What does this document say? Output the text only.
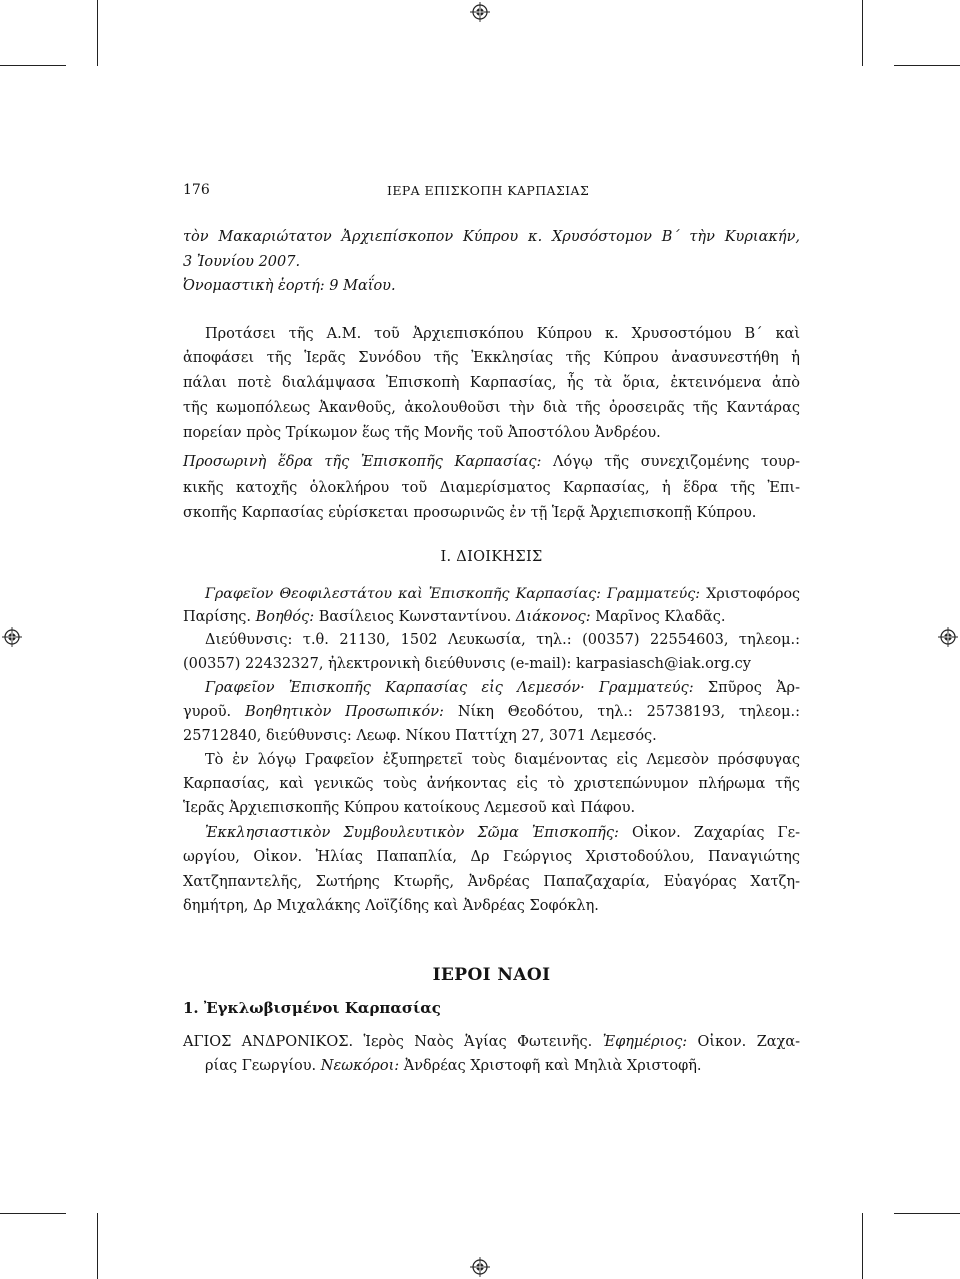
176	ΙΕΡΑ ΕΠΙΣΚΟΠΗ ΚΑΡΠΑΣΙΑΣ
τὸν Μακαριώτατον Ἀρχιεπίσκοπον Κύπρου κ. Χρυσόστομον Β΄ τὴν Κυριακήν,
3 Ἰουνίου 2007.
Ὀνομαστικὴ ἑορτή: 9 Μαΐου.
Προτάσει τῆς Α.Μ. τοῦ Ἀρχιεπισκόπου Κύπρου κ. Χρυσοστόμου Β΄ καὶ
ἀποφάσει τῆς Ἱερᾶς Συνόδου τῆς Ἐκκλησίας τῆς Κύπρου ἀνασυνεστήθη ἡ
πάλαι ποτὲ διαλάμψασα Ἐπισκοπὴ Καρπασίας, ἧς τὰ ὅρια, ἐκτεινόμενα ἀπὸ
τῆς κωμοπόλεως Ἀκανθοῦς, ἀκολουθοῦσι τὴν διὰ τῆς ὀροσειρᾶς τῆς Καντάρας
πορείαν πρὸς Τρίκωμον ἕως τῆς Μονῆς τοῦ Ἀποστόλου Ἀνδρέου.
Προσωρινὴ ἕδρα τῆς Ἐπισκοπῆς Καρπασίας: Λόγῳ τῆς συνεχιζομένης τουρ-
κικῆς κατοχῆς ὁλοκλήρου τοῦ Διαμερίσματος Καρπασίας, ἡ ἕδρα τῆς Ἐπι-
σκοπῆς Καρπασίας εὑρίσκεται προσωρινῶς ἐν τῇ Ἱερᾷ Ἀρχιεπισκοπῇ Κύπρου.
Ι. ΔΙΟΙΚΗΣΙΣ
Γραφεῖον Θεοφιλεστάτου καὶ Ἐπισκοπῆς Καρπασίας: Γραμματεύς: Χριστοφόρος
Παρίσης. Βοηθός: Βασίλειος Κωνσταντίνου. Διάκονος: Μαρῖνος Κλαδᾶς.
Διεύθυνσις: τ.θ. 21130, 1502 Λευκωσία, τηλ.: (00357) 22554603, τηλεομ.:
(00357) 22432327, ἠλεκτρονικὴ διεύθυνσις (e-mail): karpasiasch@iak.org.cy
Γραφεῖον Ἐπισκοπῆς Καρπασίας εἰς Λεμεσόν· Γραμματεύς: Σπῦρος Ἀρ-
γυροῦ. Βοηθητικὸν Προσωπικόν: Νίκη Θεοδότου, τηλ.: 25738193, τηλεομ.:
25712840, διεύθυνσις: Λεωφ. Νίκου Παττίχη 27, 3071 Λεμεσός.
Τὸ ἐν λόγῳ Γραφεῖον ἐξυπηρετεῖ τοὺς διαμένοντας εἰς Λεμεσὸν πρόσφυγας
Καρπασίας, καὶ γενικῶς τοὺς ἀνήκοντας εἰς τὸ χριστεπώνυμον πλήρωμα τῆς
Ἱερᾶς Ἀρχιεπισκοπῆς Κύπρου κατοίκους Λεμεσοῦ καὶ Πάφου.
Ἐκκλησιαστικὸν Συμβουλευτικὸν Σῶμα Ἐπισκοπῆς: Οἰκον. Ζαχαρίας Γε-
ωργίου, Οἰκον. Ἠλίας Παπαπλία, Δρ Γεώργιος Χριστοδούλου, Παναγιώτης
Χατζηπαντελῆς, Σωτήρης Κτωρῆς, Ἀνδρέας Παπαζαχαρία, Εὐαγόρας Χατζη-
δημήτρη, Δρ Μιχαλάκης Λοϊζίδης καὶ Ἀνδρέας Σοφόκλη.
ΙΕΡΟΙ ΝΑΟΙ
1. Ἐγκλωβισμένοι Καρπασίας
ΑΓΙΟΣ ΑΝΔΡΟΝΙΚΟΣ. Ἱερὸς Ναὸς Ἁγίας Φωτεινῆς. Ἐφημέριος: Οἰκον. Ζαχα-
ρίας Γεωργίου. Νεωκόροι: Ἀνδρέας Χριστοφῆ καὶ Μηλιὰ Χριστοφῆ.
